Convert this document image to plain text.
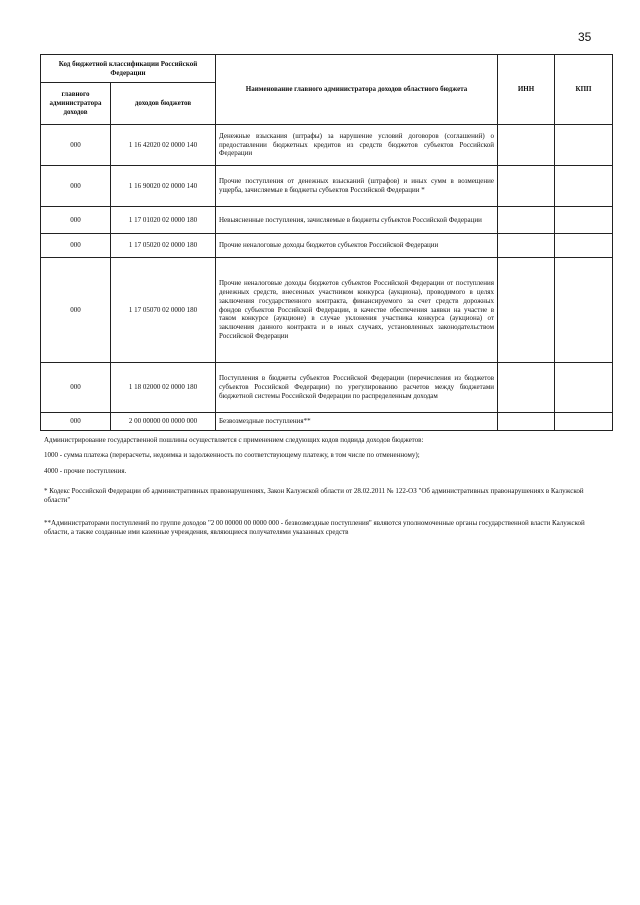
35
Код бюджетной классификации Российской Федерации		Наименование главного администратора доходов областного бюджета	ИНН	КПП
главного администратора доходов	доходов бюджетов			
000	1 16 42020 02 0000 140	Денежные взыскания (штрафы) за нарушение условий договоров (соглашений) о предоставлении бюджетных кредитов из средств бюджетов субъектов Российской Федерации		
000	1 16 90020 02 0000 140	Прочие поступления от денежных взысканий (штрафов) и иных сумм в возмещение ущерба, зачисляемые в бюджеты субъектов Российской Федерации *		
000	1 17 01020 02 0000 180	Невыясненные поступления, зачисляемые в бюджеты субъектов Российской Федерации		
000	1 17 05020 02 0000 180	Прочие неналоговые доходы бюджетов субъектов Российской Федерации		
000	1 17 05070 02 0000 180	Прочие неналоговые доходы бюджетов субъектов Российской Федерации от поступления денежных средств, внесенных участником конкурса (аукциона), проводимого в целях заключения государственного контракта, финансируемого за счет средств дорожных фондов субъектов Российской Федерации, в качестве обеспечения заявки на участие в таком конкурсе (аукционе) в случае уклонения участника конкурса (аукциона) от заключения данного контракта и в иных случаях, установленных законодательством Российской Федерации		
000	1 18 02000 02 0000 180	Поступления в бюджеты субъектов Российской Федерации (перечисления из бюджетов субъектов Российской Федерации) по урегулированию расчетов между бюджетами бюджетной системы Российской Федерации по распределенным доходам		
000	2 00 00000 00 0000 000	Безвозмездные поступления**		

Администрирование государственной пошлины осуществляется с применением следующих кодов подвида доходов бюджетов:

1000 - сумма платежа (перерасчеты, недоимка и задолженность по соответствующему платежу, в том числе по отмененному);

4000 - прочие поступления.

* Кодекс Российской Федерации об административных правонарушениях, Закон Калужской области от 28.02.2011 № 122-ОЗ "Об административных правонарушениях в Калужской области"

**Администраторами поступлений по группе доходов "2 00 00000 00 0000 000 - безвозмездные поступления" являются уполномоченные органы государственной власти Калужской области, а также созданные ими казенные учреждения, являющиеся получателями указанных средств
